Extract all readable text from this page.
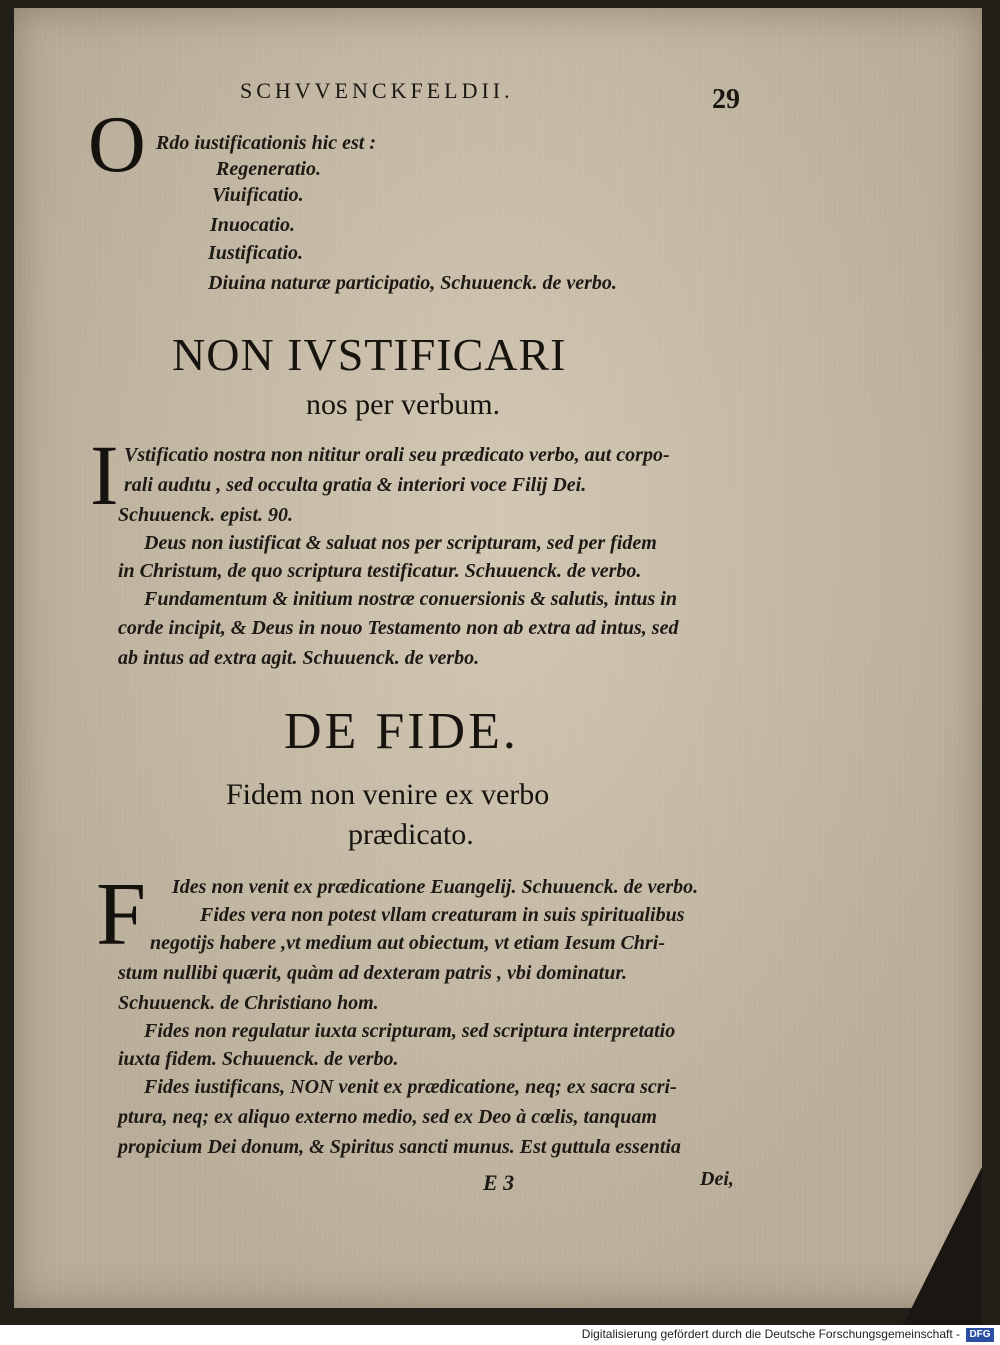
SCHVVENCKFELDII.	29
O Rdo iustificationis hic est :
Regeneratio.
Viuificatio.
Inuocatio.
Iustificatio.
Diuina naturæ participatio, Schuuenck. de verbo.
NON IVSTIFICARI
nos per verbum.
I Vstificatio nostra non nititur orali seu prædicato verbo, aut corpo-
rali audıtu , sed occulta gratia & interiori voce Filij Dei.
Schuuenck. epist. 90.
Deus non iustificat & saluat nos per scripturam, sed per fidem
in Christum, de quo scriptura testificatur. Schuuenck. de verbo.
Fundamentum & initium nostræ conuersionis & salutis, intus in
corde incipit, & Deus in nouo Testamento non ab extra ad intus, sed
ab intus ad extra agit. Schuuenck. de verbo.
DE FIDE.
Fidem non venire ex verbo
prædicato.
F Ides non venit ex prædicatione Euangelij. Schuuenck. de verbo.
Fides vera non potest vllam creaturam in suis spiritualibus
negotijs habere ,vt medium aut obiectum, vt etiam Iesum Chri-
stum nullibi quærit, quàm ad dexteram patris , vbi dominatur.
Schuuenck. de Christiano hom.
Fides non regulatur iuxta scripturam, sed scriptura interpretatio
iuxta fidem. Schuuenck. de verbo.
Fides iustificans, NON venit ex prædicatione, neq; ex sacra scri-
ptura, neq; ex aliquo externo medio, sed ex Deo à cœlis, tanquam
propicium Dei donum, & Spiritus sancti munus. Est guttula essentia
E 3	Dei,
Digitalisierung gefördert durch die Deutsche Forschungsgemeinschaft - DFG
